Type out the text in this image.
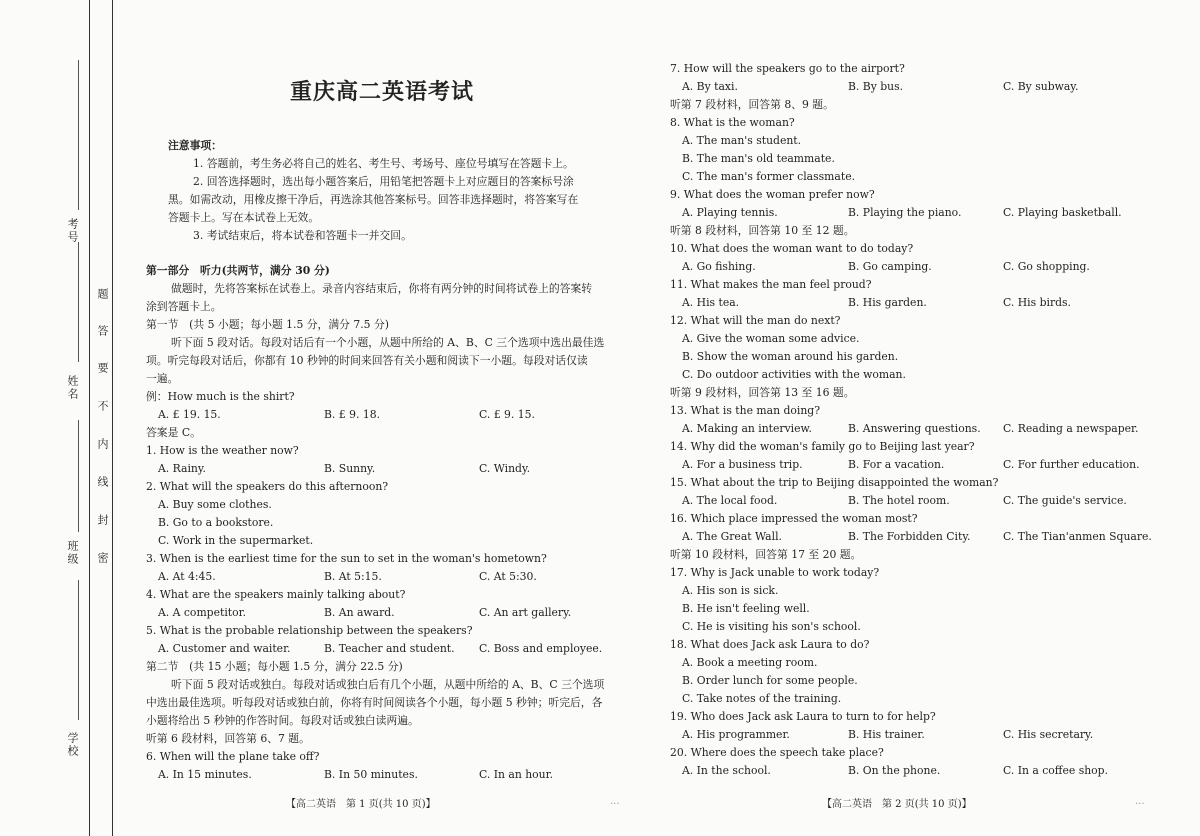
考号
姓名
班级
学校
题
答
要
不
内
线
封
密
重庆高二英语考试
注意事项：
1. 答题前，考生务必将自己的姓名、考生号、考场号、座位号填写在答题卡上。
2. 回答选择题时，选出每小题答案后，用铅笔把答题卡上对应题目的答案标号涂
黑。如需改动，用橡皮擦干净后，再选涂其他答案标号。回答非选择题时，将答案写在
答题卡上。写在本试卷上无效。
3. 考试结束后，将本试卷和答题卡一并交回。
第一部分　听力(共两节，满分 30 分)
做题时，先将答案标在试卷上。录音内容结束后，你将有两分钟的时间将试卷上的答案转
涂到答题卡上。
第一节　(共 5 小题；每小题 1.5 分，满分 7.5 分)
听下面 5 段对话。每段对话后有一个小题，从题中所给的 A、B、C 三个选项中选出最佳选
项。听完每段对话后，你都有 10 秒钟的时间来回答有关小题和阅读下一小题。每段对话仅读
一遍。
例：How much is the shirt?
A. £ 19. 15.	B. £ 9. 18.	C. £ 9. 15.
答案是 C。
1. How is the weather now?
A. Rainy.	B. Sunny.	C. Windy.
2. What will the speakers do this afternoon?
A. Buy some clothes.
B. Go to a bookstore.
C. Work in the supermarket.
3. When is the earliest time for the sun to set in the woman's hometown?
A. At 4:45.	B. At 5:15.	C. At 5:30.
4. What are the speakers mainly talking about?
A. A competitor.	B. An award.	C. An art gallery.
5. What is the probable relationship between the speakers?
A. Customer and waiter.	B. Teacher and student.	C. Boss and employee.
第二节　(共 15 小题；每小题 1.5 分，满分 22.5 分)
听下面 5 段对话或独白。每段对话或独白后有几个小题，从题中所给的 A、B、C 三个选项
中选出最佳选项。听每段对话或独白前，你将有时间阅读各个小题，每小题 5 秒钟；听完后，各
小题将给出 5 秒钟的作答时间。每段对话或独白读两遍。
听第 6 段材料，回答第 6、7 题。
6. When will the plane take off?
A. In 15 minutes.	B. In 50 minutes.	C. In an hour.
7. How will the speakers go to the airport?
A. By taxi.	B. By bus.	C. By subway.
听第 7 段材料，回答第 8、9 题。
8. What is the woman?
A. The man's student.
B. The man's old teammate.
C. The man's former classmate.
9. What does the woman prefer now?
A. Playing tennis.	B. Playing the piano.	C. Playing basketball.
听第 8 段材料，回答第 10 至 12 题。
10. What does the woman want to do today?
A. Go fishing.	B. Go camping.	C. Go shopping.
11. What makes the man feel proud?
A. His tea.	B. His garden.	C. His birds.
12. What will the man do next?
A. Give the woman some advice.
B. Show the woman around his garden.
C. Do outdoor activities with the woman.
听第 9 段材料，回答第 13 至 16 题。
13. What is the man doing?
A. Making an interview.	B. Answering questions.	C. Reading a newspaper.
14. Why did the woman's family go to Beijing last year?
A. For a business trip.	B. For a vacation.	C. For further education.
15. What about the trip to Beijing disappointed the woman?
A. The local food.	B. The hotel room.	C. The guide's service.
16. Which place impressed the woman most?
A. The Great Wall.	B. The Forbidden City.	C. The Tian'anmen Square.
听第 10 段材料，回答第 17 至 20 题。
17. Why is Jack unable to work today?
A. His son is sick.
B. He isn't feeling well.
C. He is visiting his son's school.
18. What does Jack ask Laura to do?
A. Book a meeting room.
B. Order lunch for some people.
C. Take notes of the training.
19. Who does Jack ask Laura to turn to for help?
A. His programmer.	B. His trainer.	C. His secretary.
20. Where does the speech take place?
A. In the school.	B. On the phone.	C. In a coffee shop.
【高二英语　第 1 页(共 10 页)】	...	【高二英语　第 2 页(共 10 页)】	...
